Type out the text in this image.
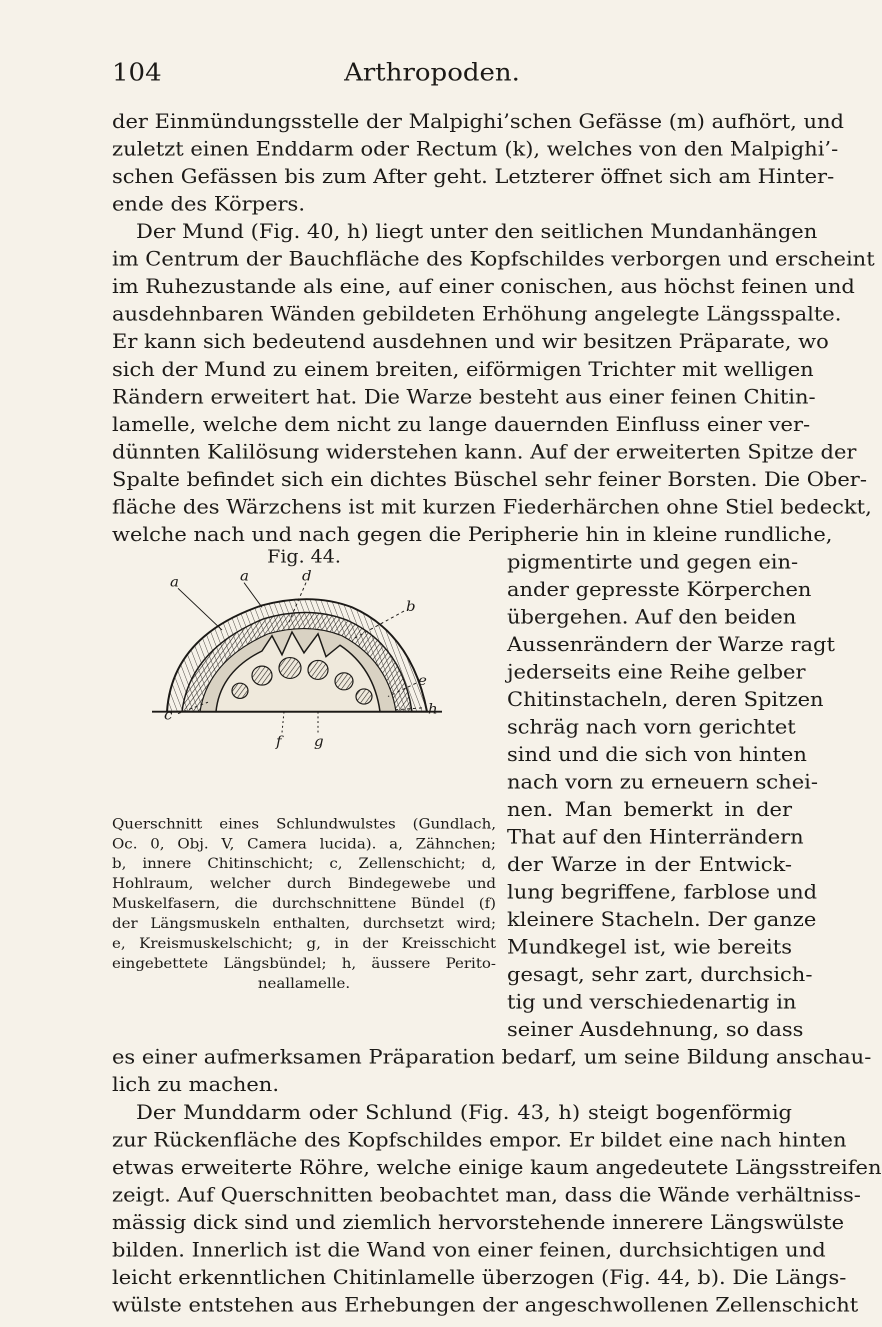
104	Arthropoden.
der Einmündungsstelle der Malpighi’schen Gefässe (m) aufhört, und
zuletzt einen Enddarm oder Rectum (k), welches von den Malpighi’-
schen Gefässen bis zum After geht. Letzterer öffnet sich am Hinter-
ende des Körpers.
Der Mund (Fig. 40, h) liegt unter den seitlichen Mundanhängen
im Centrum der Bauchfläche des Kopfschildes verborgen und erscheint
im Ruhezustande als eine, auf einer conischen, aus höchst feinen und
ausdehnbaren Wänden gebildeten Erhöhung angelegte Längsspalte.
Er kann sich bedeutend ausdehnen und wir besitzen Präparate, wo
sich der Mund zu einem breiten, eiförmigen Trichter mit welligen
Rändern erweitert hat. Die Warze besteht aus einer feinen Chitin-
lamelle, welche dem nicht zu lange dauernden Einfluss einer ver-
dünnten Kalilösung widerstehen kann. Auf der erweiterten Spitze der
Spalte befindet sich ein dichtes Büschel sehr feiner Borsten. Die Ober-
fläche des Wärzchens ist mit kurzen Fiederhärchen ohne Stiel bedeckt,
welche nach und nach gegen die Peripherie hin in kleine rundliche,
Fig. 44.
a	a	d
b
c
e
h
f g
pigmentirte und gegen ein-
ander gepresste Körperchen
übergehen. Auf den beiden
Aussenrändern der Warze ragt
jederseits eine Reihe gelber
Chitinstacheln, deren Spitzen
schräg nach vorn gerichtet
sind und die sich von hinten
nach vorn zu erneuern schei-
nen. Man bemerkt in der
That auf den Hinterrändern
der Warze in der Entwick-
lung begriffene, farblose und
kleinere Stacheln. Der ganze
Mundkegel ist, wie bereits
gesagt, sehr zart, durchsich-
tig und verschiedenartig in
seiner Ausdehnung, so dass
Querschnitt eines Schlundwulstes (Gundlach,
Oc. 0, Obj. V, Camera lucida). a, Zähnchen;
b, innere Chitinschicht; c, Zellenschicht; d,
Hohlraum, welcher durch Bindegewebe und
Muskelfasern, die durchschnittene Bündel (f)
der Längsmuskeln enthalten, durchsetzt wird;
e, Kreismuskelschicht; g, in der Kreisschicht
eingebettete Längsbündel; h, äussere Perito-
neallamelle.
es einer aufmerksamen Präparation bedarf, um seine Bildung anschau-
lich zu machen.
Der Munddarm oder Schlund (Fig. 43, h) steigt bogenförmig
zur Rückenfläche des Kopfschildes empor. Er bildet eine nach hinten
etwas erweiterte Röhre, welche einige kaum angedeutete Längsstreifen
zeigt. Auf Querschnitten beobachtet man, dass die Wände verhältniss-
mässig dick sind und ziemlich hervorstehende innerere Längswülste
bilden. Innerlich ist die Wand von einer feinen, durchsichtigen und
leicht erkenntlichen Chitinlamelle überzogen (Fig. 44, b). Die Längs-
wülste entstehen aus Erhebungen der angeschwollenen Zellenschicht
